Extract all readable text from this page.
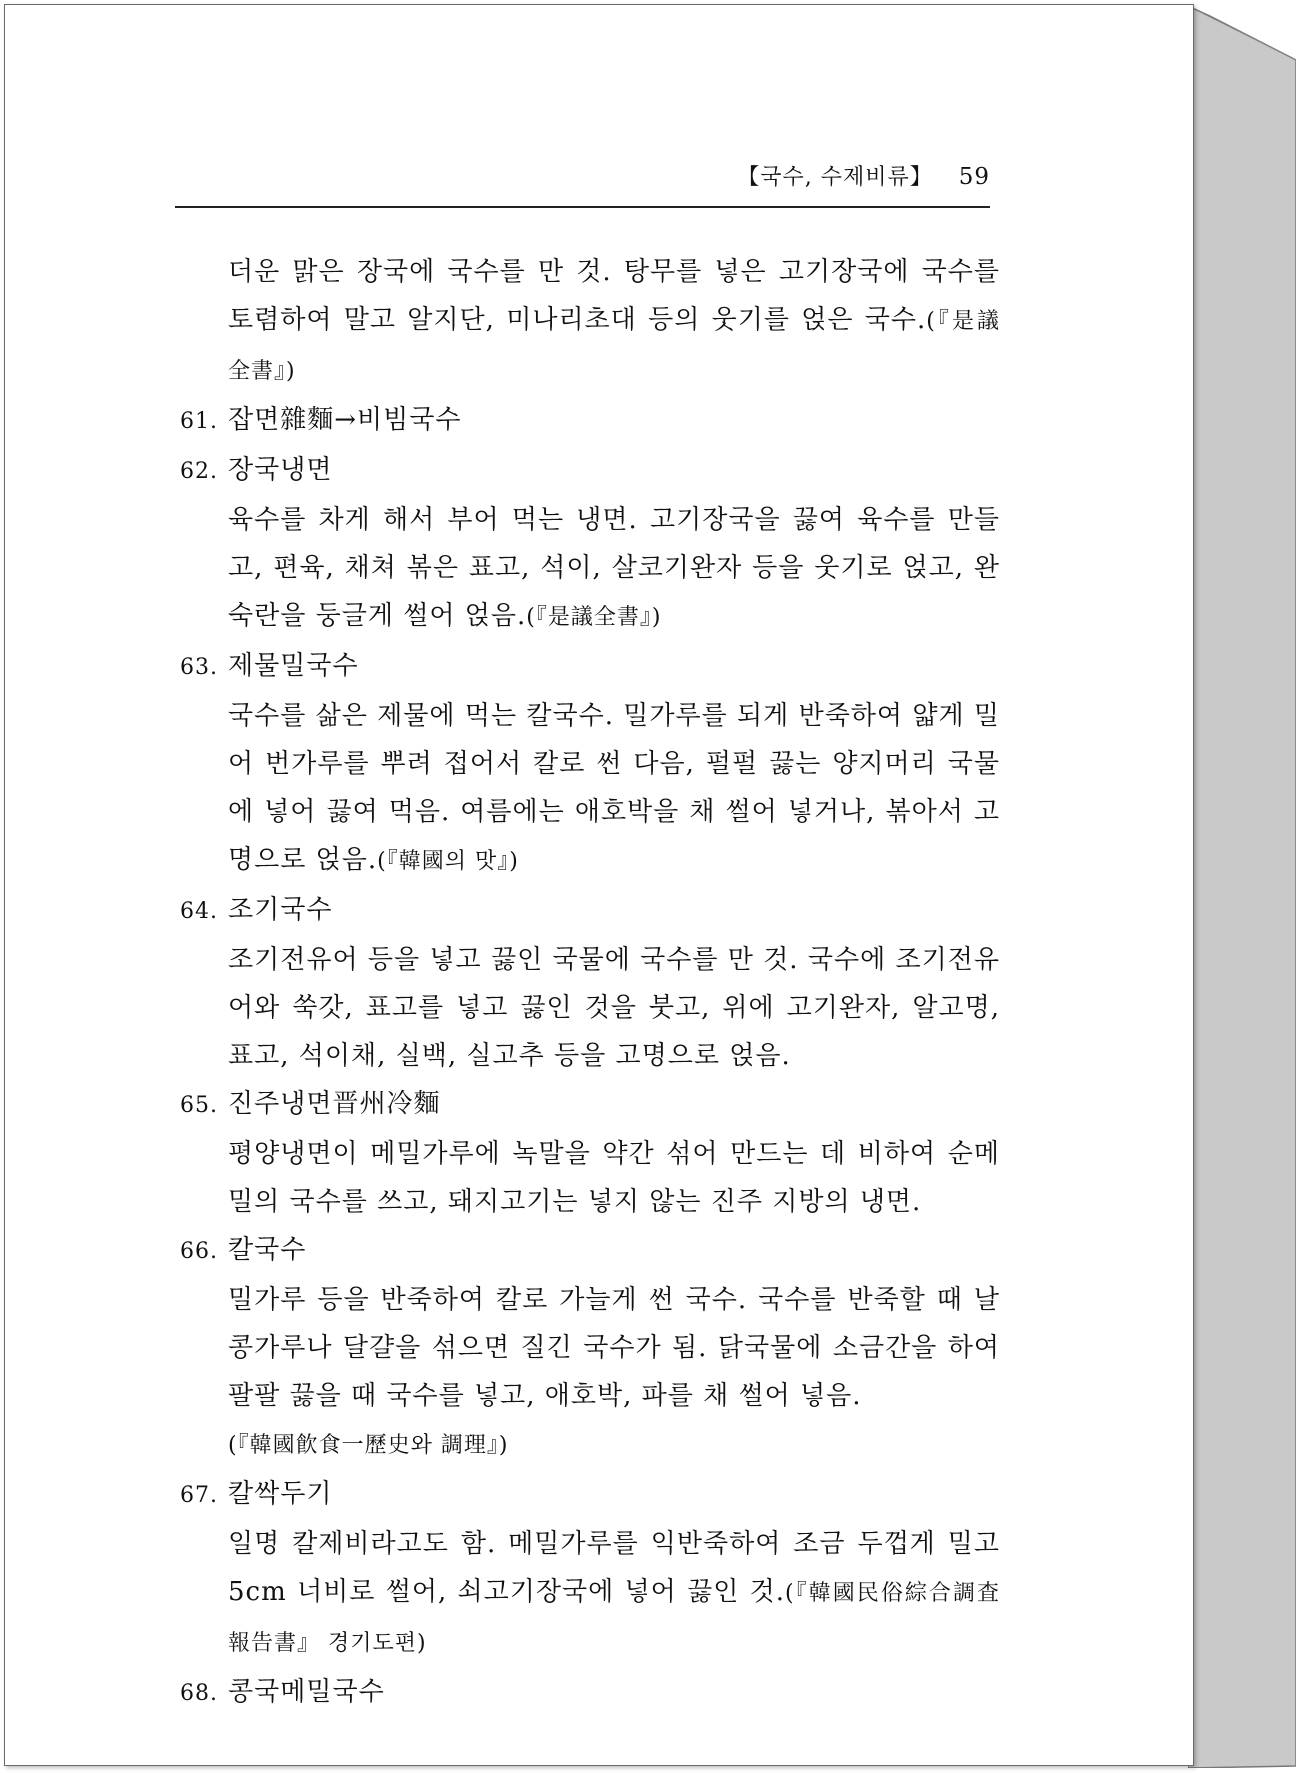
【국수, 수제비류】 59

더운 맑은 장국에 국수를 만 것. 탕무를 넣은 고기장국에 국수를 토렴하여 말고 알지단, 미나리초대 등의 웃기를 얹은 국수.(『是議全書』)

61. 잡면雜麵→비빔국수

62. 장국냉면

육수를 차게 해서 부어 먹는 냉면. 고기장국을 끓여 육수를 만들고, 편육, 채쳐 볶은 표고, 석이, 살코기완자 등을 웃기로 얹고, 완숙란을 둥글게 썰어 얹음.(『是議全書』)

63. 제물밀국수

국수를 삶은 제물에 먹는 칼국수. 밀가루를 되게 반죽하여 얇게 밀어 번가루를 뿌려 접어서 칼로 썬 다음, 펄펄 끓는 양지머리 국물에 넣어 끓여 먹음. 여름에는 애호박을 채 썰어 넣거나, 볶아서 고명으로 얹음.(『韓國의 맛』)

64. 조기국수

조기전유어 등을 넣고 끓인 국물에 국수를 만 것. 국수에 조기전유어와 쑥갓, 표고를 넣고 끓인 것을 붓고, 위에 고기완자, 알고명, 표고, 석이채, 실백, 실고추 등을 고명으로 얹음.

65. 진주냉면晋州冷麵

평양냉면이 메밀가루에 녹말을 약간 섞어 만드는 데 비하여 순메밀의 국수를 쓰고, 돼지고기는 넣지 않는 진주 지방의 냉면.

66. 칼국수

밀가루 등을 반죽하여 칼로 가늘게 썬 국수. 국수를 반죽할 때 날콩가루나 달걀을 섞으면 질긴 국수가 됨. 닭국물에 소금간을 하여 팔팔 끓을 때 국수를 넣고, 애호박, 파를 채 썰어 넣음.
(『韓國飮食一歷史와 調理』)

67. 칼싹두기

일명 칼제비라고도 함. 메밀가루를 익반죽하여 조금 두껍게 밀고 5cm 너비로 썰어, 쇠고기장국에 넣어 끓인 것.(『韓國民俗綜合調査報告書』 경기도편)

68. 콩국메밀국수
